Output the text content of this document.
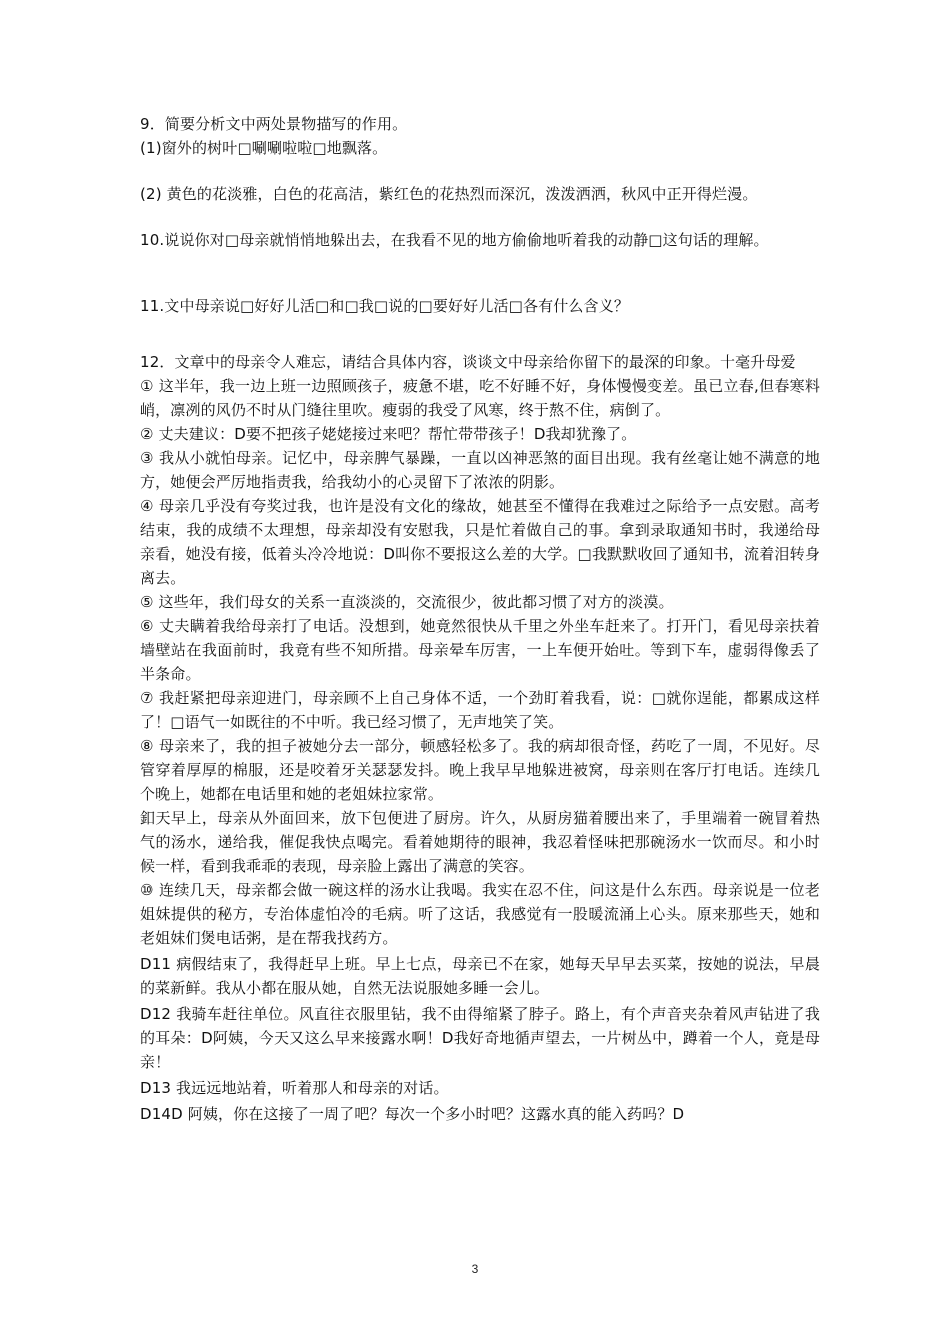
9．简要分析文中两处景物描写的作用。

(1)窗外的树叶□唰唰啦啦□地飘落。

(2) 黄色的花淡雅，白色的花高洁，紫红色的花热烈而深沉，泼泼洒洒，秋风中正开得烂漫。

10.说说你对□母亲就悄悄地躲出去，在我看不见的地方偷偷地听着我的动静□这句话的理解。

11.文中母亲说□好好儿活□和□我□说的□要好好儿活□各有什么含义？

12．文章中的母亲令人难忘，请结合具体内容，谈谈文中母亲给你留下的最深的印象。十毫升母爱

① 这半年，我一边上班一边照顾孩子，疲惫不堪，吃不好睡不好，身体慢慢变差。虽已立春,但春寒料峭，凛冽的风仍不时从门缝往里吹。瘦弱的我受了风寒，终于熬不住，病倒了。

② 丈夫建议：D要不把孩子姥姥接过来吧？帮忙带带孩子！D我却犹豫了。

③ 我从小就怕母亲。记忆中，母亲脾气暴躁，一直以凶神恶煞的面目出现。我有丝毫让她不满意的地方，她便会严厉地指责我，给我幼小的心灵留下了浓浓的阴影。

④ 母亲几乎没有夸奖过我，也许是没有文化的缘故，她甚至不懂得在我难过之际给予一点安慰。高考结束，我的成绩不太理想，母亲却没有安慰我，只是忙着做自己的事。拿到录取通知书时，我递给母亲看，她没有接，低着头冷冷地说：D叫你不要报这么差的大学。□我默默收回了通知书，流着泪转身离去。

⑤ 这些年，我们母女的关系一直淡淡的，交流很少，彼此都习惯了对方的淡漠。

⑥ 丈夫瞒着我给母亲打了电话。没想到，她竟然很快从千里之外坐车赶来了。打开门，看见母亲扶着墙壁站在我面前时，我竟有些不知所措。母亲晕车厉害，一上车便开始吐。等到下车，虚弱得像丢了半条命。

⑦ 我赶紧把母亲迎进门，母亲顾不上自己身体不适，一个劲盯着我看，说：□就你逞能，都累成这样了！□语气一如既往的不中听。我已经习惯了，无声地笑了笑。

⑧ 母亲来了，我的担子被她分去一部分，顿感轻松多了。我的病却很奇怪，药吃了一周，不见好。尽管穿着厚厚的棉服，还是咬着牙关瑟瑟发抖。晚上我早早地躲进被窝，母亲则在客厅打电话。连续几个晚上，她都在电话里和她的老姐妹拉家常。

釦天早上，母亲从外面回来，放下包便进了厨房。许久，从厨房猫着腰出来了，手里端着一碗冒着热气的汤水，递给我，催促我快点喝完。看着她期待的眼神，我忍着怪味把那碗汤水一饮而尽。和小时候一样，看到我乖乖的表现，母亲脸上露出了满意的笑容。

⑩ 连续几天，母亲都会做一碗这样的汤水让我喝。我实在忍不住，问这是什么东西。母亲说是一位老姐妹提供的秘方，专治体虚怕冷的毛病。听了这话，我感觉有一股暖流涌上心头。原来那些天，她和老姐妹们煲电话粥，是在帮我找药方。

D11 病假结束了，我得赶早上班。早上七点，母亲已不在家，她每天早早去买菜，按她的说法，早晨的菜新鲜。我从小都在服从她，自然无法说服她多睡一会儿。

D12 我骑车赶往单位。风直往衣服里钻，我不由得缩紧了脖子。路上，有个声音夹杂着风声钻进了我的耳朵：D阿姨，今天又这么早来接露水啊！D我好奇地循声望去，一片树丛中，蹲着一个人，竟是母亲！

D13 我远远地站着，听着那人和母亲的对话。

D14D 阿姨，你在这接了一周了吧？每次一个多小时吧？这露水真的能入药吗？D

3
